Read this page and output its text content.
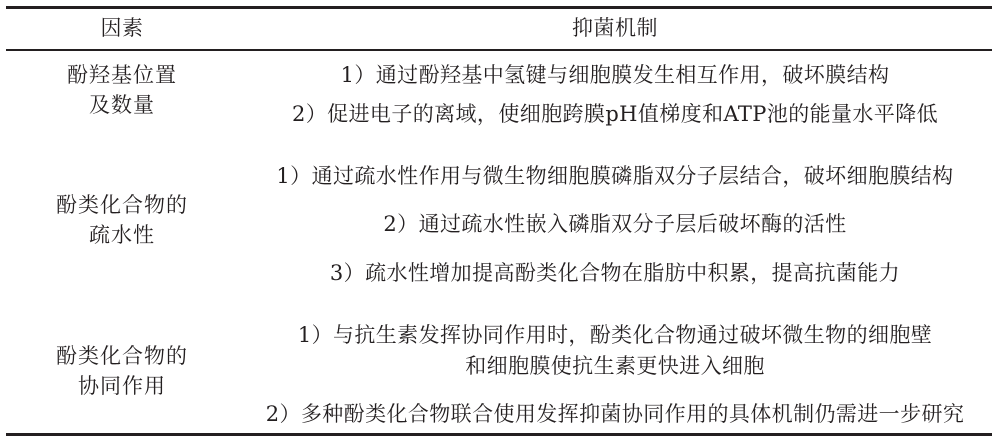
因素	抑菌机制
酚羟基位置
及数量
1）通过酚羟基中氢键与细胞膜发生相互作用，破坏膜结构
2）促进电子的离域，使细胞跨膜pH值梯度和ATP池的能量水平降低
酚类化合物的
疏水性
1）通过疏水性作用与微生物细胞膜磷脂双分子层结合，破坏细胞膜结构
2）通过疏水性嵌入磷脂双分子层后破坏酶的活性
3）疏水性增加提高酚类化合物在脂肪中积累，提高抗菌能力
酚类化合物的
协同作用
1）与抗生素发挥协同作用时，酚类化合物通过破坏微生物的细胞壁
和细胞膜使抗生素更快进入细胞
2）多种酚类化合物联合使用发挥抑菌协同作用的具体机制仍需进一步研究
